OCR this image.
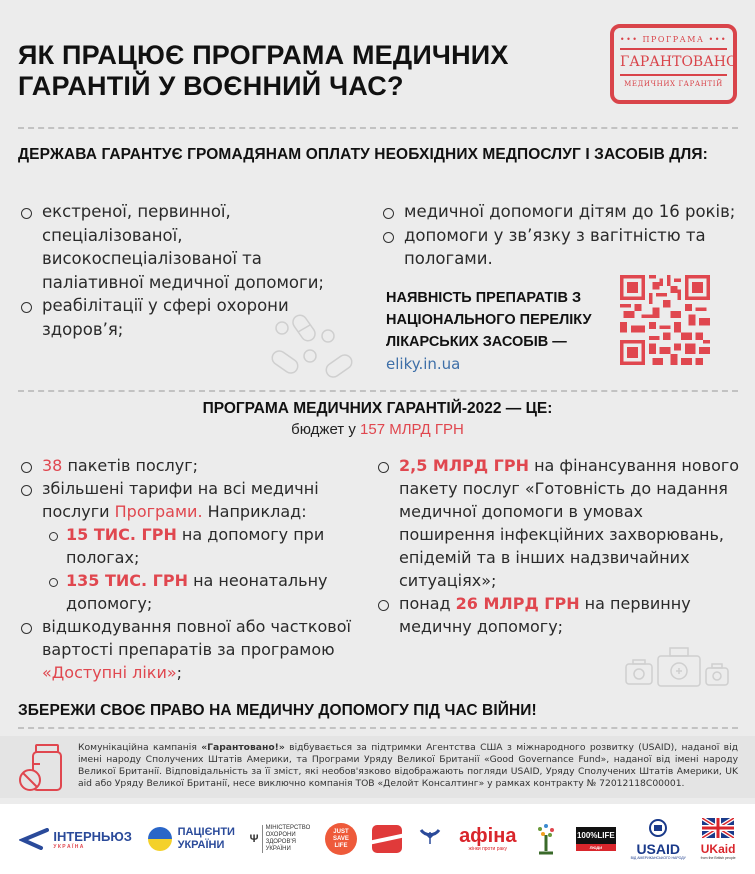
ЯК ПРАЦЮЄ ПРОГРАМА МЕДИЧНИХ
ГАРАНТІЙ У ВОЄННИЙ ЧАС?
••• ПРОГРАМА •••
ГАРАНТОВАНО
МЕДИЧНИХ ГАРАНТІЙ
ДЕРЖАВА ГАРАНТУЄ ГРОМАДЯНАМ ОПЛАТУ НЕОБХІДНИХ МЕДПОСЛУГ І ЗАСОБІВ ДЛЯ:
екстреної, первинної, спеціалізованої, високоспеціалізованої та паліативної медичної допомоги;
реабілітації у сфері охорони здоров’я;
медичної допомоги дітям до 16 років;
допомоги у зв’язку з вагітністю та пологами.
НАЯВНІСТЬ ПРЕПАРАТІВ З
НАЦІОНАЛЬНОГО ПЕРЕЛІКУ
ЛІКАРСЬКИХ ЗАСОБІВ —
eliky.in.ua
ПРОГРАМА МЕДИЧНИХ ГАРАНТІЙ-2022 — ЦЕ:
бюджет у 157 МЛРД ГРН
38 пакетів послуг;
збільшені тарифи на всі медичні послуги Програми. Наприклад:
15 ТИС. ГРН на допомогу при пологах;
135 ТИС. ГРН на неонатальну допомогу;
відшкодування повної або часткової вартості препаратів за програмою «Доступні ліки»;
2,5 МЛРД ГРН на фінансування нового пакету послуг «Готовність до надання медичної допомоги в умовах поширення інфекційних захворювань, епідемій та в інших надзвичайних ситуаціях»;
понад 26 МЛРД ГРН на первинну медичну допомогу;
ЗБЕРЕЖИ СВОЄ ПРАВО НА МЕДИЧНУ ДОПОМОГУ ПІД ЧАС ВІЙНИ!
Комунікаційна кампанія «Гарантовано!» відбувається за підтримки Агентства США з міжнародного розвитку (USAID), наданої від імені народу Сполучених Штатів Америки, та Програми Уряду Великої Британії «Good Governance Fund», наданої від імені народу Великої Британії. Відповідальність за її зміст, які необов'язково відображають погляди USAID, Уряду Сполучених Штатів Америки, UK aid або Уряду Великої Британії, несе виключно компанія ТОВ «Делойт Консалтинг» у рамках контракту № 72012118C00001.
ІНТЕРНЬЮЗ
У К Р А Ї Н А
ПАЦІЄНТИ
УКРАЇНИ	Ψ
МІНІСТЕРСТВО
ОХОРОНИ
ЗДОРОВ'Я
УКРАЇНИ
JUST
SAVE
LIFE	афіна
жінки проти раку
100%LIFE
ЛЮДИ	USAID
ВІД АМЕРИКАНСЬКОГО НАРОДУ
UKaid
from the British people
